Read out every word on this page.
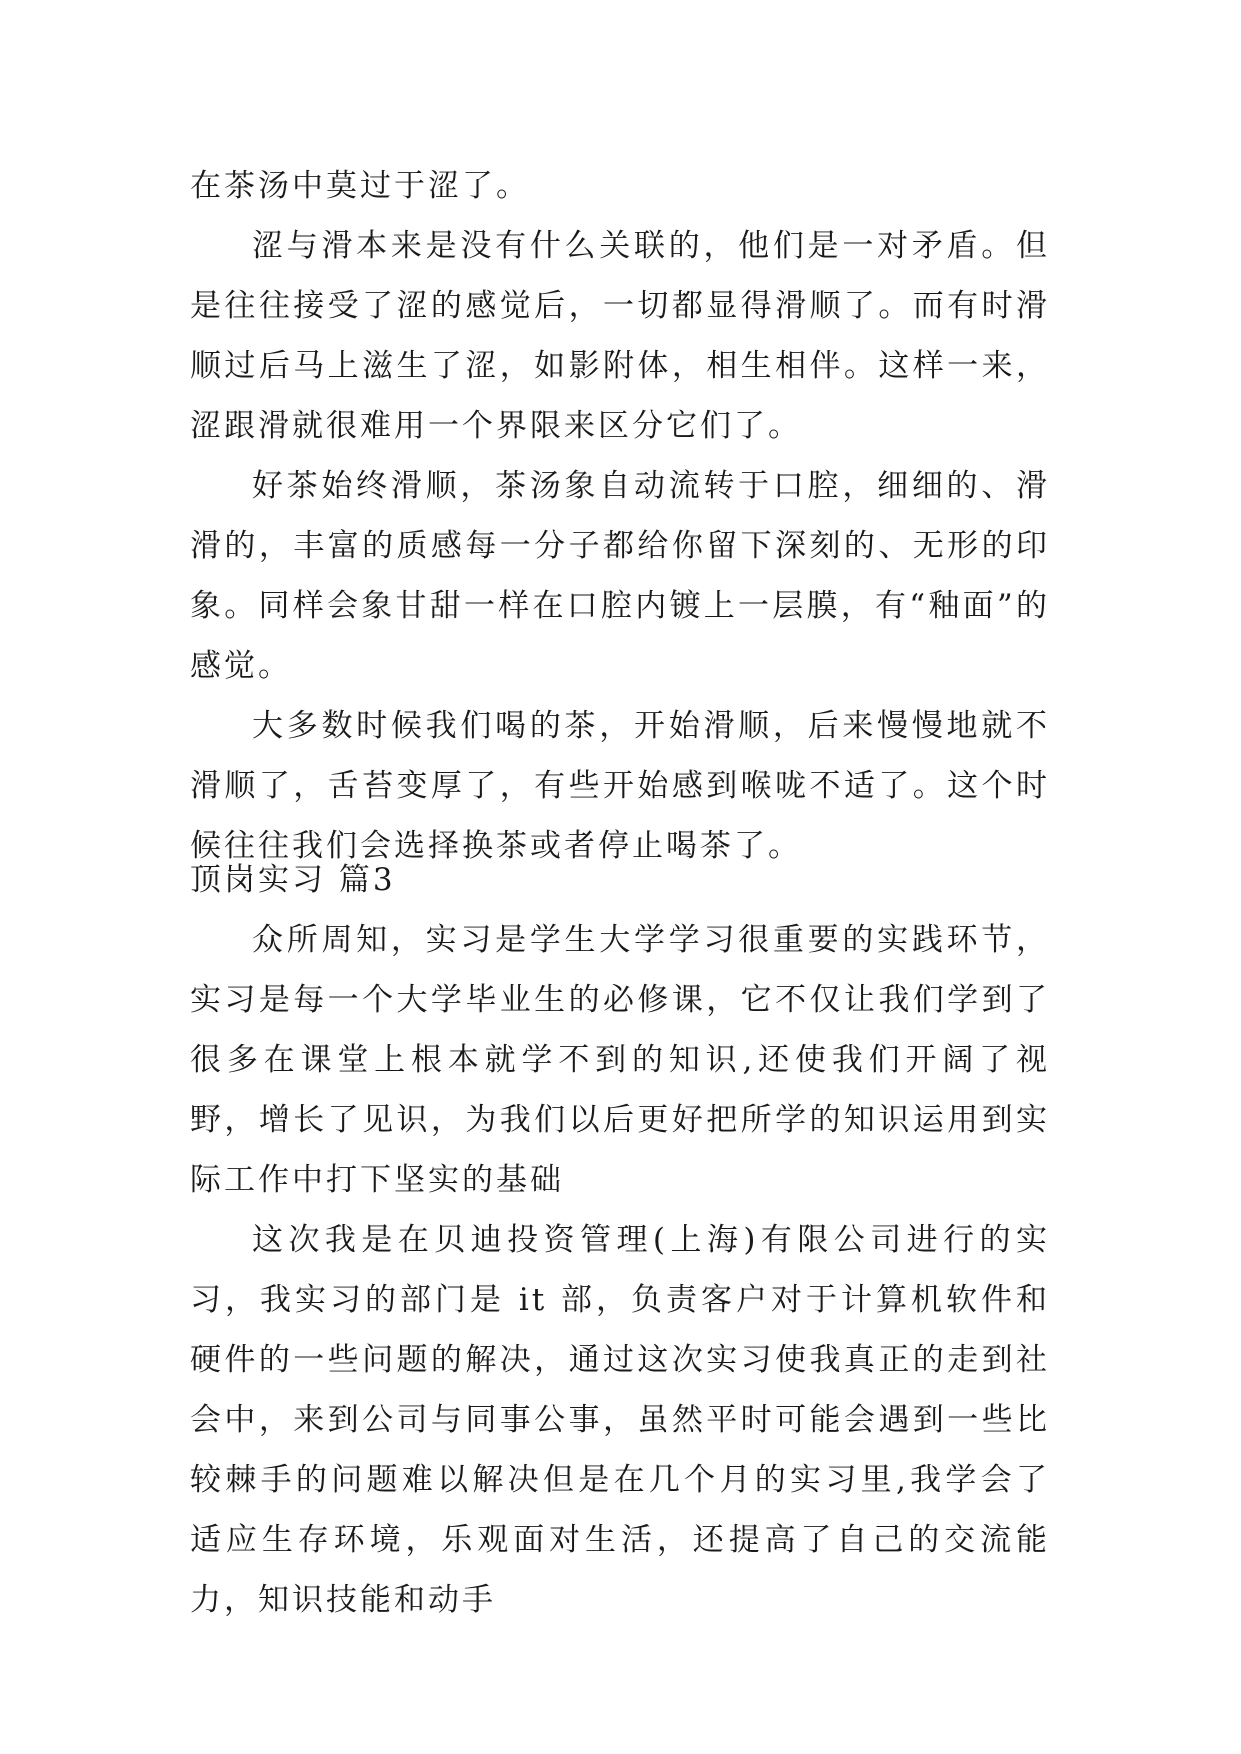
在茶汤中莫过于涩了。

涩与滑本来是没有什么关联的，他们是一对矛盾。但是往往接受了涩的感觉后，一切都显得滑顺了。而有时滑顺过后马上滋生了涩，如影附体，相生相伴。这样一来，涩跟滑就很难用一个界限来区分它们了。

好茶始终滑顺，茶汤象自动流转于口腔，细细的、滑滑的，丰富的质感每一分子都给你留下深刻的、无形的印象。同样会象甘甜一样在口腔内镀上一层膜，有“釉面”的感觉。

大多数时候我们喝的茶，开始滑顺，后来慢慢地就不滑顺了，舌苔变厚了，有些开始感到喉咙不适了。这个时候往往我们会选择换茶或者停止喝茶了。

顶岗实习 篇3

众所周知，实习是学生大学学习很重要的实践环节，实习是每一个大学毕业生的必修课，它不仅让我们学到了很多在课堂上根本就学不到的知识,还使我们开阔了视野，增长了见识，为我们以后更好把所学的知识运用到实际工作中打下坚实的基础

这次我是在贝迪投资管理(上海)有限公司进行的实习，我实习的部门是 it 部，负责客户对于计算机软件和硬件的一些问题的解决，通过这次实习使我真正的走到社会中，来到公司与同事公事，虽然平时可能会遇到一些比较棘手的问题难以解决但是在几个月的实习里,我学会了适应生存环境，乐观面对生活，还提高了自己的交流能力，知识技能和动手
